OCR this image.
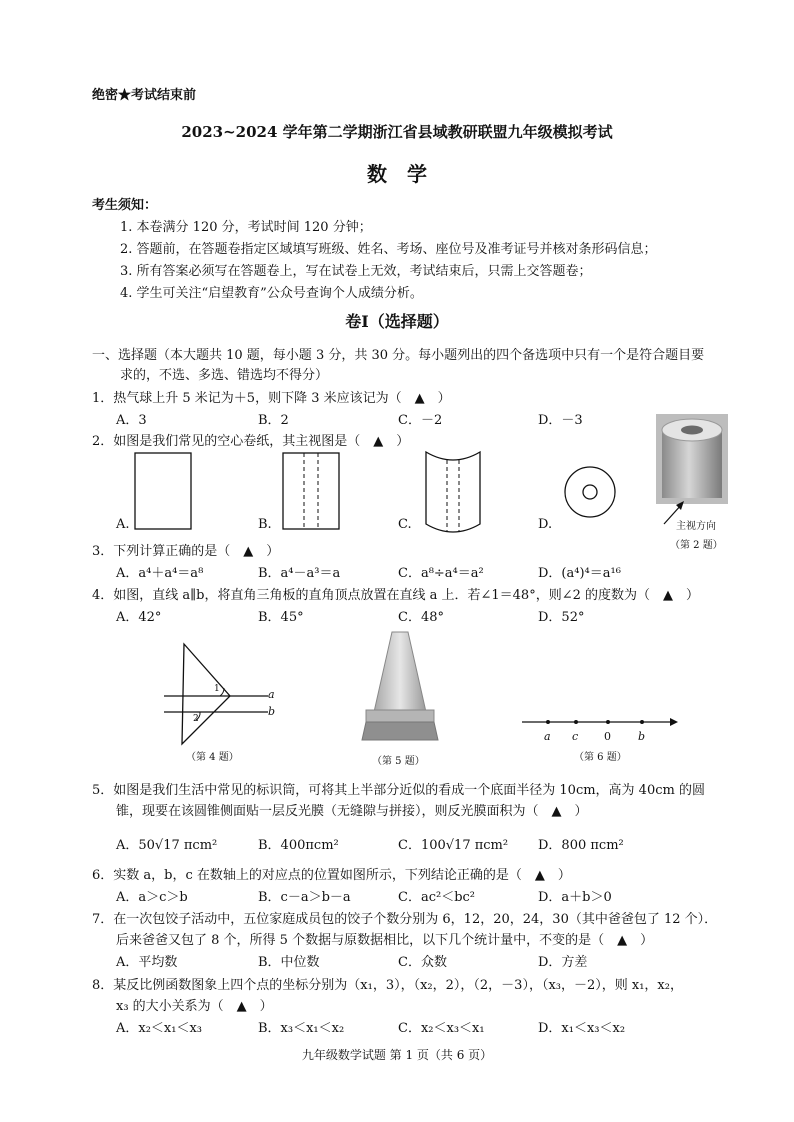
绝密★考试结束前
2023~2024 学年第二学期浙江省县域教研联盟九年级模拟考试
数　学
考生须知：
1. 本卷满分 120 分，考试时间 120 分钟；
2. 答题前，在答题卷指定区域填写班级、姓名、考场、座位号及准考证号并核对条形码信息；
3. 所有答案必须写在答题卷上，写在试卷上无效，考试结束后，只需上交答题卷；
4. 学生可关注“启望教育”公众号查询个人成绩分析。
卷Ⅰ（选择题）
一、选择题（本大题共 10 题，每小题 3 分，共 30 分。每小题列出的四个备选项中只有一个是符合题目要
求的，不选、多选、错选均不得分）
1．热气球上升 5 米记为＋5，则下降 3 米应该记为（　▲　）
A．3	B．2	C．－2	D．－3
2．如图是我们常见的空心卷纸，其主视图是（　▲　）
A.	B.	C.	D.	主视方向
（第 2 题）
3．下列计算正确的是（　▲　）
A．a⁴＋a⁴＝a⁸	B．a⁴－a³＝a	C．a⁸÷a⁴＝a²	D．(a⁴)⁴＝a¹⁶
4．如图，直线 a∥b，将直角三角板的直角顶点放置在直线 a 上．若∠1＝48°，则∠2 的度数为（　▲　）
A．42°	B．45°	C．48°	D．52°
1
2
a
b
（第 4 题）	（第 5 题）
a c 0 b
（第 6 题）
5．如图是我们生活中常见的标识筒，可将其上半部分近似的看成一个底面半径为 10cm，高为 40cm 的圆
锥，现要在该圆锥侧面贴一层反光膜（无缝隙与拼接），则反光膜面积为（　▲　）
A．50√17 πcm²	B．400πcm²	C．100√17 πcm² D．800 πcm²
6．实数 a，b，c 在数轴上的对应点的位置如图所示，下列结论正确的是（　▲　）
A．a＞c＞b	B．c－a＞b－a	C．ac²＜bc²	D．a＋b＞0
7．在一次包饺子活动中，五位家庭成员包的饺子个数分别为 6，12，20，24，30（其中爸爸包了 12 个）．
后来爸爸又包了 8 个，所得 5 个数据与原数据相比，以下几个统计量中，不变的是（　▲　）
A．平均数	B．中位数	C．众数	D．方差
8．某反比例函数图象上四个点的坐标分别为（x₁，3），（x₂，2），（2，－3），（x₃，－2），则 x₁，x₂，
x₃ 的大小关系为（　▲　）
A．x₂＜x₁＜x₃	B．x₃＜x₁＜x₂	C．x₂＜x₃＜x₁	D．x₁＜x₃＜x₂
九年级数学试题 第 1 页（共 6 页）
